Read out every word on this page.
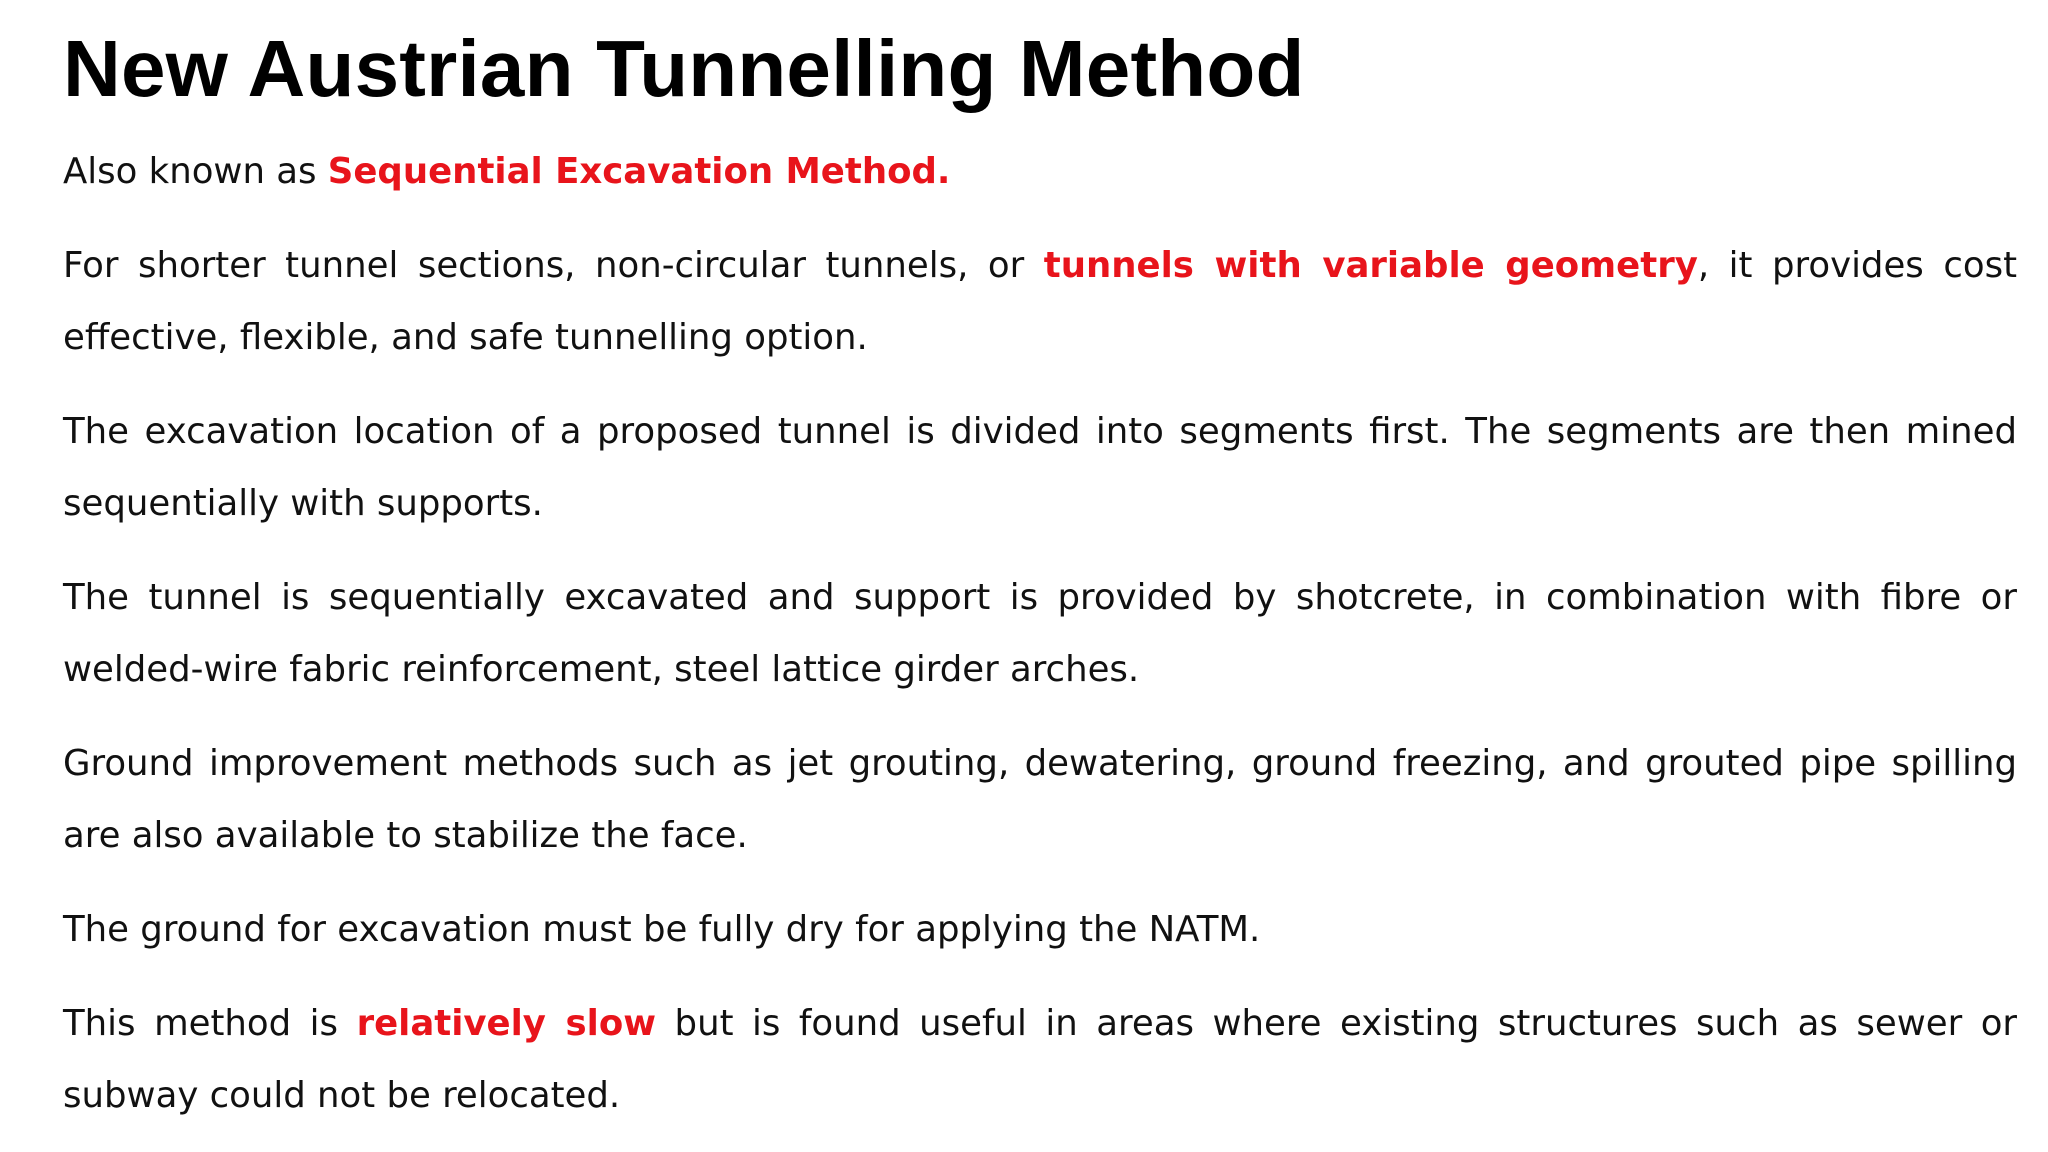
New Austrian Tunnelling Method

Also known as Sequential Excavation Method.

For shorter tunnel sections, non-circular tunnels, or tunnels with variable geometry, it provides cost effective, flexible, and safe tunnelling option.

The excavation location of a proposed tunnel is divided into segments first. The segments are then mined sequentially with supports.

The tunnel is sequentially excavated and support is provided by shotcrete, in combination with fibre or welded-wire fabric reinforcement, steel lattice girder arches.

Ground improvement methods such as jet grouting, dewatering, ground freezing, and grouted pipe spilling are also available to stabilize the face.

The ground for excavation must be fully dry for applying the NATM.

This method is relatively slow but is found useful in areas where existing structures such as sewer or subway could not be relocated.
